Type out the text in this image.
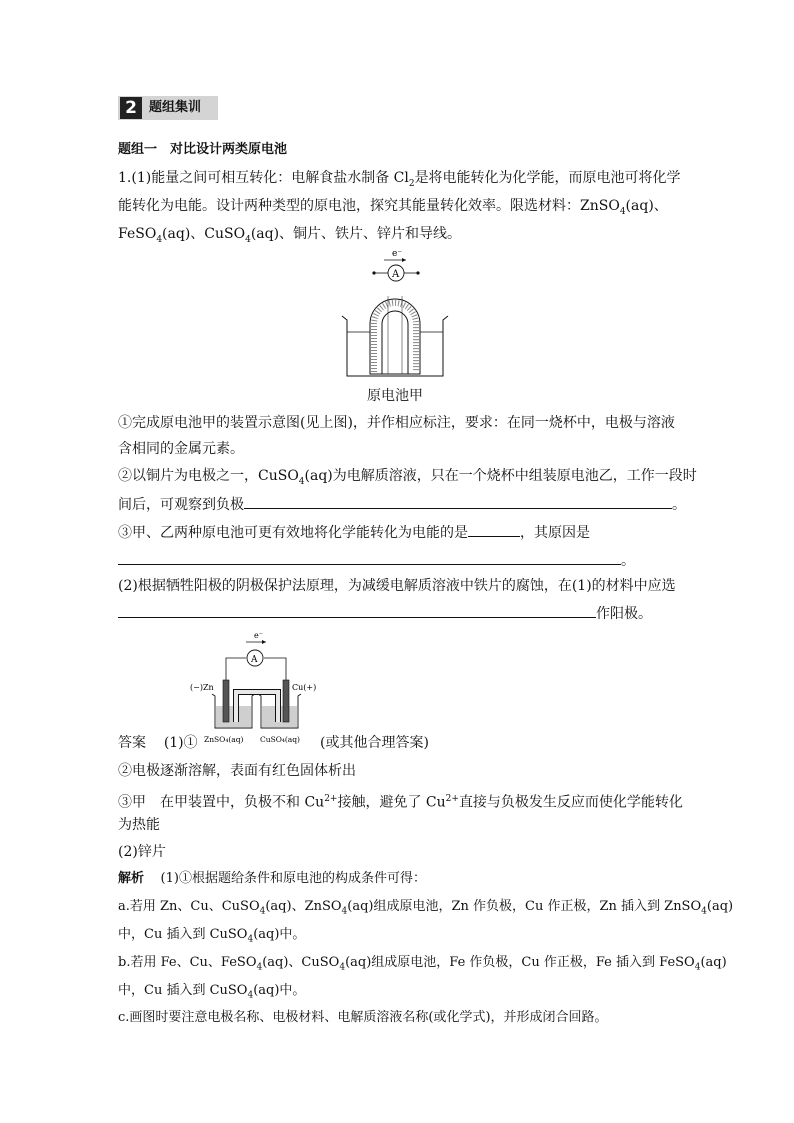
2 题组集训
题组一　对比设计两类原电池
1.(1)能量之间可相互转化：电解食盐水制备 $Cl_2$是将电能转化为化学能，而原电池可将化学
能转化为电能。设计两种类型的原电池，探究其能量转化效率。限选材料：ZnSO$_4$(aq)、
FeSO$_4$(aq)、CuSO$_4$(aq)、铜片、铁片、锌片和导线。
e⁻
A
原电池甲
①完成原电池甲的装置示意图(见上图)，并作相应标注，要求：在同一烧杯中，电极与溶液
含相同的金属元素。
②以铜片为电极之一，CuSO$_4$(aq)为电解质溶液，只在一个烧杯中组装原电池乙，工作一段时
间后，可观察到负极	。
③甲、乙两种原电池可更有效地将化学能转化为电能的是	，其原因是
。
(2)根据牺牲阳极的阴极保护法原理，为减缓电解质溶液中铁片的腐蚀，在(1)的材料中应选
作阳极。
e⁻
A
(−)Zn	Cu(+)
ZnSO₄(aq) CuSO₄(aq)
答案 (1)①	(或其他合理答案)
②电极逐渐溶解，表面有红色固体析出
③甲　在甲装置中，负极不和 $Cu^{2+}$接触，避免了 $Cu^{2+}$直接与负极发生反应而使化学能转化
为热能
(2)锌片
解析 (1)①根据题给条件和原电池的构成条件可得：
a.若用 Zn、Cu、CuSO$_4$(aq)、ZnSO$_4$(aq)组成原电池，Zn 作负极，Cu 作正极，Zn 插入到 ZnSO$_4$(aq)
中，Cu 插入到 CuSO$_4$(aq)中。
b.若用 Fe、Cu、FeSO$_4$(aq)、CuSO$_4$(aq)组成原电池，Fe 作负极，Cu 作正极，Fe 插入到 FeSO$_4$(aq)
中，Cu 插入到 CuSO$_4$(aq)中。
c.画图时要注意电极名称、电极材料、电解质溶液名称(或化学式)，并形成闭合回路。
